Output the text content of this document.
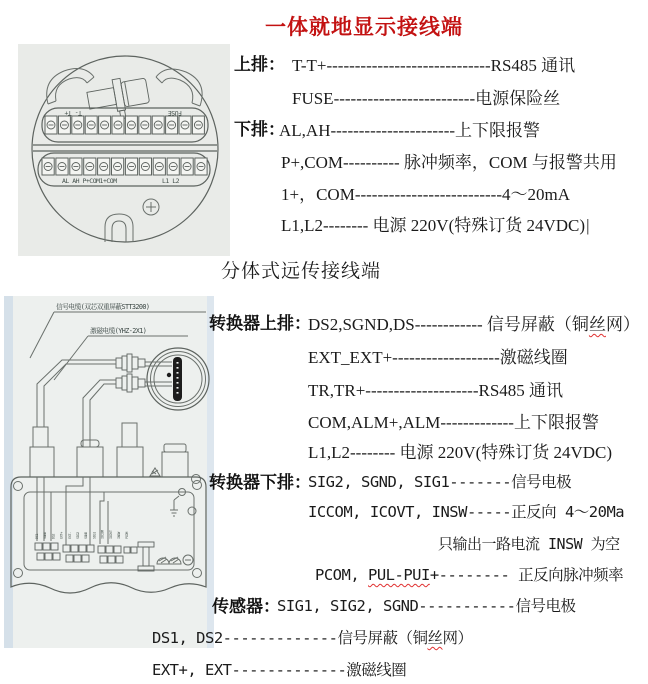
一体就地显示接线端
T- T+	FUSE
AL AH P+COM1+COM	L1 L2
上排： T-T+-----------------------------RS485 通讯
FUSE-------------------------电源保险丝
下排：
AL,AH----------------------上下限报警
P+,COM---------- 脉冲频率，COM 与报警共用
1+，COM--------------------------4～20mA
L1,L2-------- 电源 220V(特殊订货 24VDC)|
分体式远传接线端
信号电缆(双芯双重屏蔽STT3200)
激磁电缆(YHZ-2X1)
DS1 SGND DS2 EXT+ EXT- SIG2 SGND SIG1 ICCOM ICOVT INSW PCOM
转换器上排：
DS2,SGND,DS------------ 信号屏蔽（铜丝网）
EXT_EXT+-------------------激磁线圈
TR,TR+--------------------RS485 通讯
COM,ALM+,ALM-------------上下限报警
L1,L2-------- 电源 220V(特殊订货 24VDC)
转换器下排：
SIG2, SGND, SIG1-------信号电极
ICCOM, ICOVT, INSW-----正反向 4～20Ma
只输出一路电流 INSW 为空
PCOM, PUL-PUI+-------- 正反向脉冲频率
传感器：
SIG1, SIG2, SGND-----------信号电极
DS1, DS2-------------信号屏蔽（铜丝网）
EXT+, EXT-------------激磁线圈
